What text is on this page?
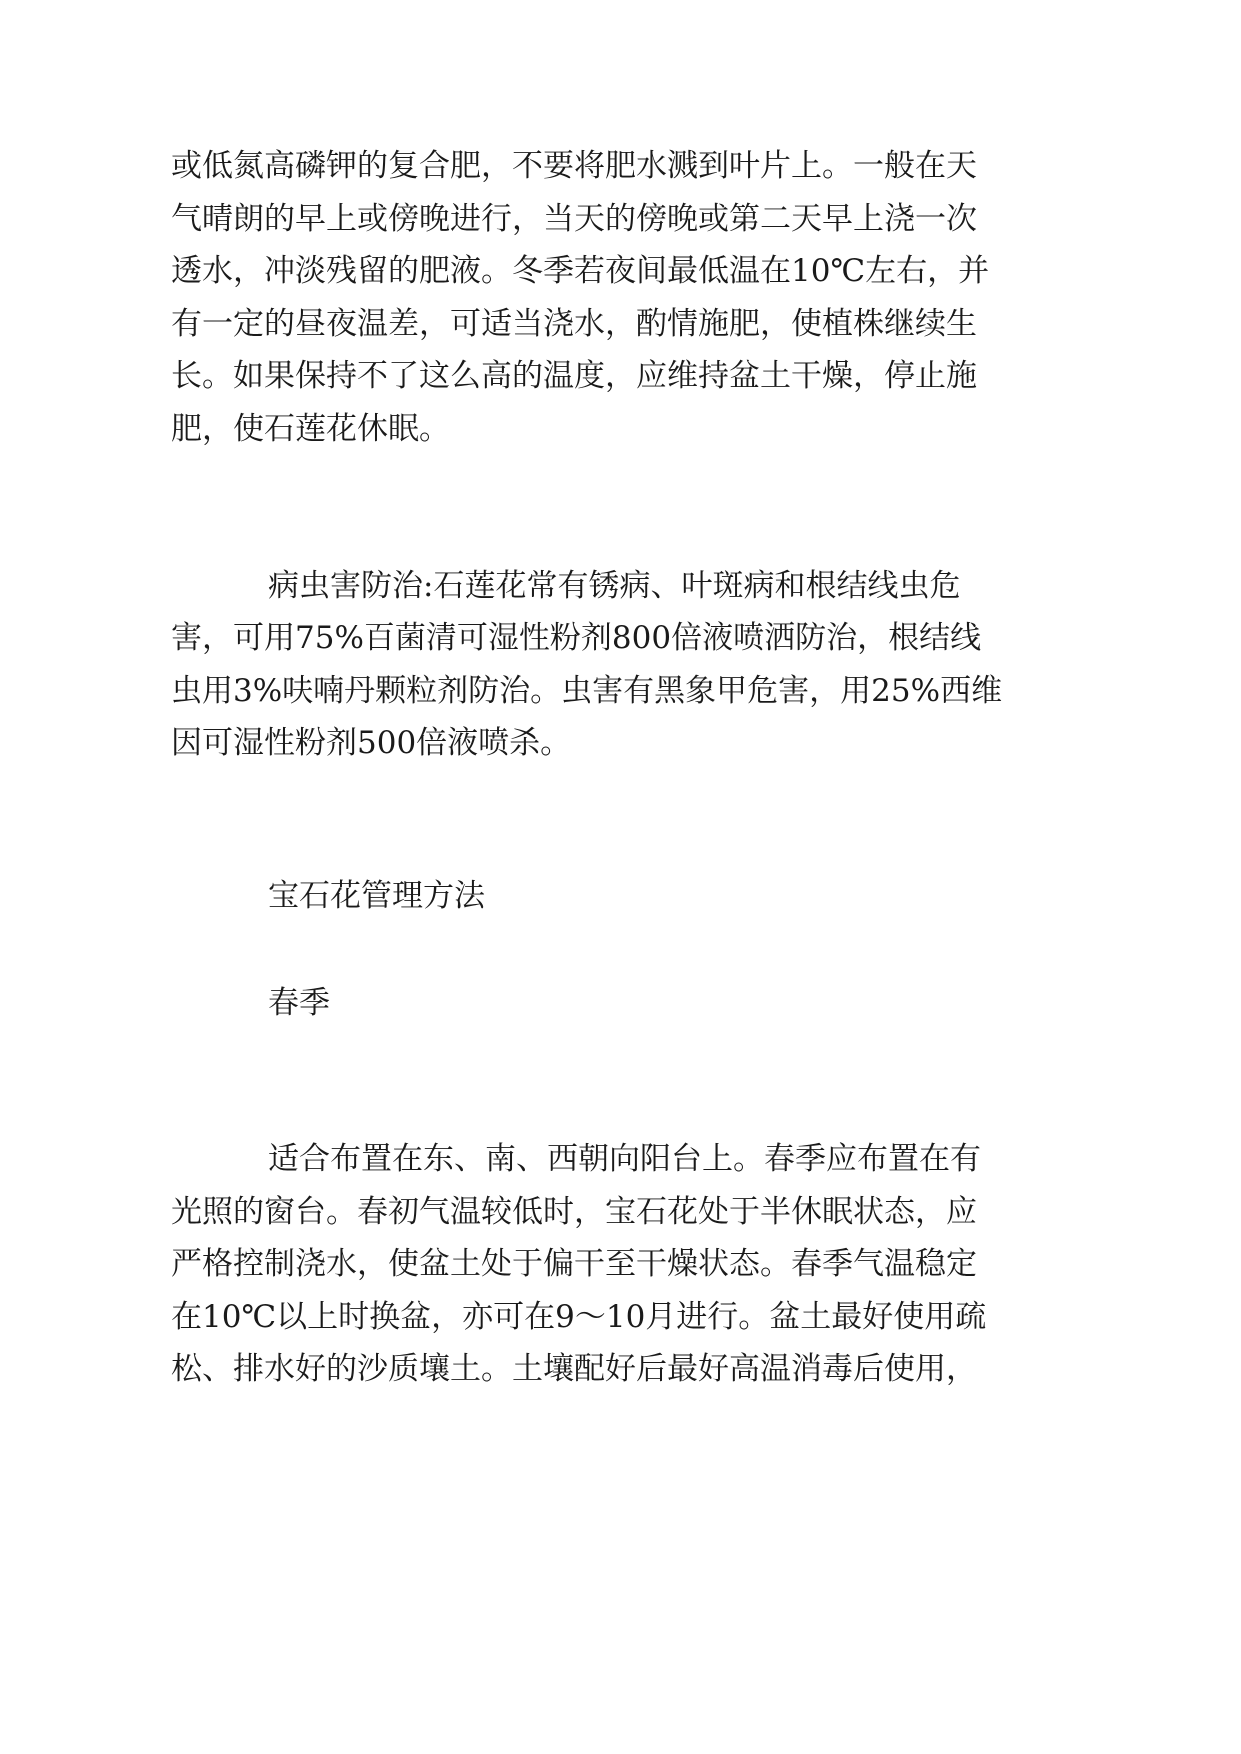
或低氮高磷钾的复合肥，不要将肥水溅到叶片上。一般在天
气晴朗的早上或傍晚进行，当天的傍晚或第二天早上浇一次
透水，冲淡残留的肥液。冬季若夜间最低温在10℃左右，并
有一定的昼夜温差，可适当浇水，酌情施肥，使植株继续生
长。如果保持不了这么高的温度，应维持盆土干燥，停止施
肥，使石莲花休眠。
病虫害防治:石莲花常有锈病、叶斑病和根结线虫危
害，可用75%百菌清可湿性粉剂800倍液喷洒防治，根结线
虫用3%呋喃丹颗粒剂防治。虫害有黑象甲危害，用25%西维
因可湿性粉剂500倍液喷杀。
宝石花管理方法
春季
适合布置在东、南、西朝向阳台上。春季应布置在有
光照的窗台。春初气温较低时，宝石花处于半休眠状态，应
严格控制浇水，使盆土处于偏干至干燥状态。春季气温稳定
在10℃以上时换盆，亦可在9～10月进行。盆土最好使用疏
松、排水好的沙质壤土。土壤配好后最好高温消毒后使用，
